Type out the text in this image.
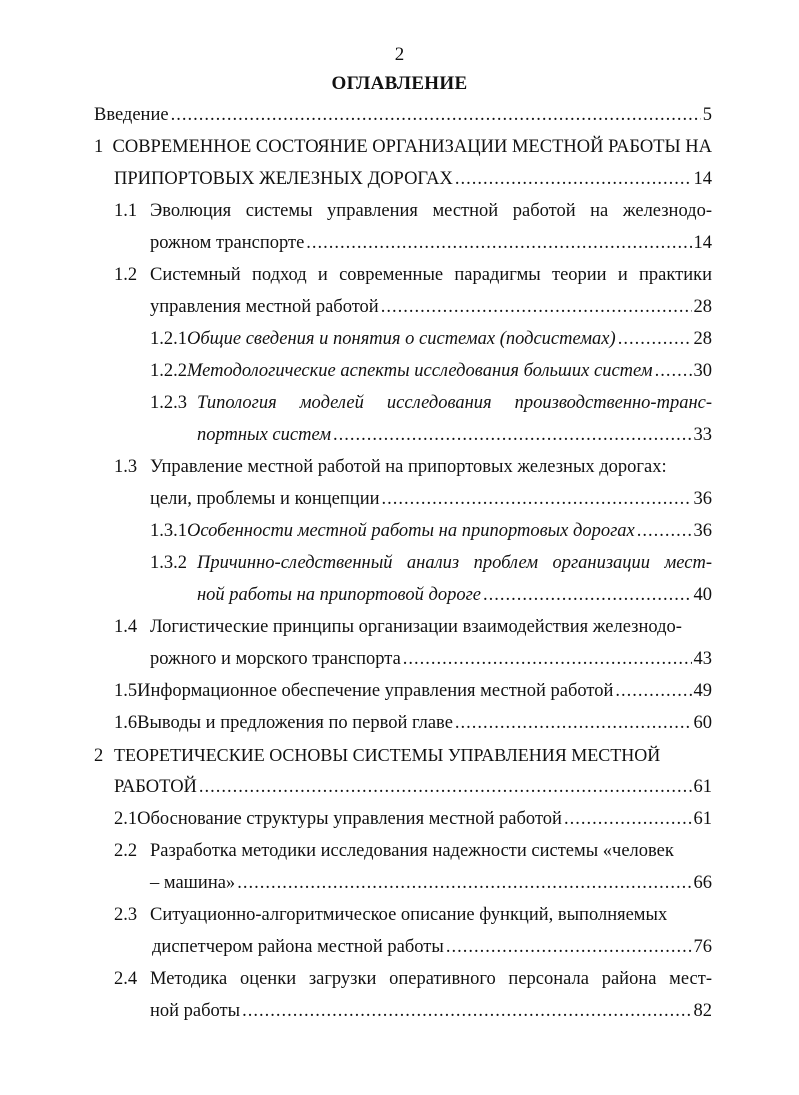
2
ОГЛАВЛЕНИЕ
Введение .....	5
1 СОВРЕМЕННОЕ СОСТОЯНИЕ ОРГАНИЗАЦИИ МЕСТНОЙ РАБОТЫ НА
ПРИПОРТОВЫХ ЖЕЛЕЗНЫХ ДОРОГАХ .....	14
1.1 Эволюция системы управления местной работой на железнодо-
рожном транспорте .....	14
1.2 Системный подход и современные парадигмы теории и практики
управления местной работой .....	28
1.2.1 Общие сведения и понятия о системах (подсистемах) .....	28
1.2.2 Методологические аспекты исследования больших систем ..... 30
1.2.3 Типология моделей исследования производственно-транс-
портных систем .....	33
1.3 Управление местной работой на припортовых железных дорогах:
цели, проблемы и концепции .....	36
1.3.1 Особенности местной работы на припортовых дорогах .....	36
1.3.2 Причинно-следственный анализ проблем организации мест-
ной работы на припортовой дороге .....	40
1.4 Логистические принципы организации взаимодействия железнодо-
рожного и морского транспорта .....	43
1.5 Информационное обеспечение управления местной работой .....	49
1.6 Выводы и предложения по первой главе .....	60
2 ТЕОРЕТИЧЕСКИЕ ОСНОВЫ СИСТЕМЫ УПРАВЛЕНИЯ МЕСТНОЙ
РАБОТОЙ .....	61
2.1 Обоснование структуры управления местной работой .....	61
2.2 Разработка методики исследования надежности системы «человек
– машина» .....	66
2.3 Ситуационно-алгоритмическое описание функций, выполняемых
диспетчером района местной работы .....	76
2.4 Методика оценки загрузки оперативного персонала района мест-
ной работы .....	82
